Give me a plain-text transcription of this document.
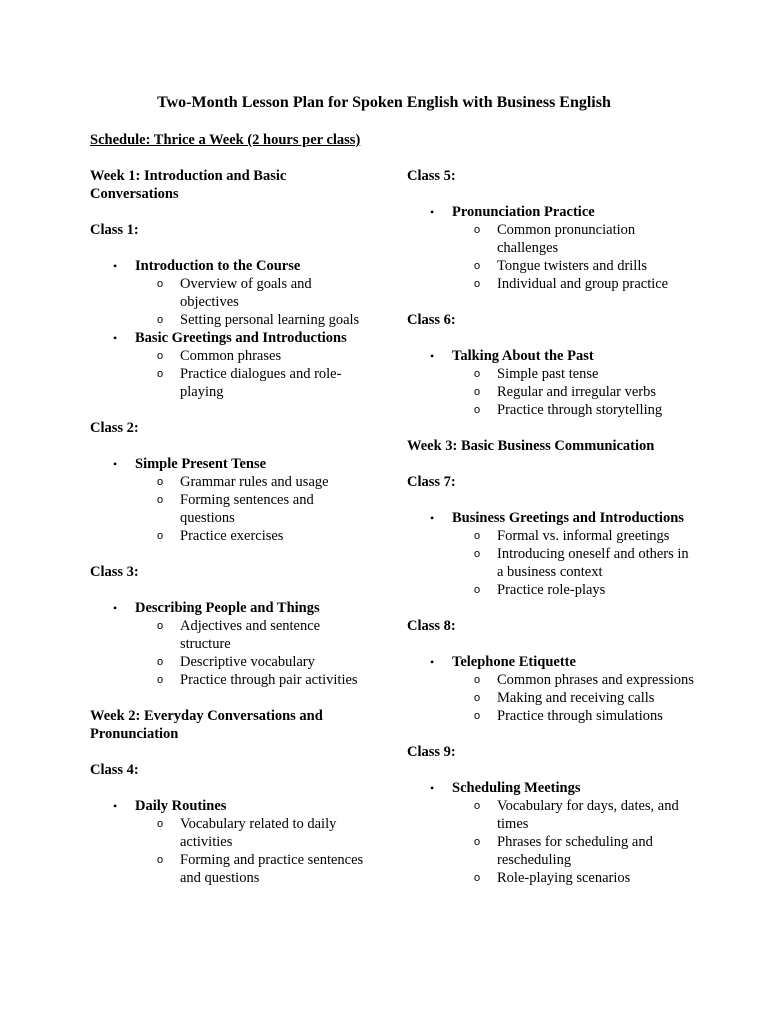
Two-Month Lesson Plan for Spoken English with Business English
Schedule: Thrice a Week (2 hours per class)
Week 1: Introduction and Basic Conversations
Class 1:
• Introduction to the Course
o Overview of goals and objectives
o Setting personal learning goals
• Basic Greetings and Introductions
o Common phrases
o Practice dialogues and role-playing
Class 2:
• Simple Present Tense
o Grammar rules and usage
o Forming sentences and questions
o Practice exercises
Class 3:
• Describing People and Things
o Adjectives and sentence structure
o Descriptive vocabulary
o Practice through pair activities
Week 2: Everyday Conversations and Pronunciation
Class 4:
• Daily Routines
o Vocabulary related to daily activities
o Forming and practice sentences and questions
Class 5:
• Pronunciation Practice
o Common pronunciation challenges
o Tongue twisters and drills
o Individual and group practice
Class 6:
• Talking About the Past
o Simple past tense
o Regular and irregular verbs
o Practice through storytelling
Week 3: Basic Business Communication
Class 7:
• Business Greetings and Introductions
o Formal vs. informal greetings
o Introducing oneself and others in a business context
o Practice role-plays
Class 8:
• Telephone Etiquette
o Common phrases and expressions
o Making and receiving calls
o Practice through simulations
Class 9:
• Scheduling Meetings
o Vocabulary for days, dates, and times
o Phrases for scheduling and rescheduling
o Role-playing scenarios
